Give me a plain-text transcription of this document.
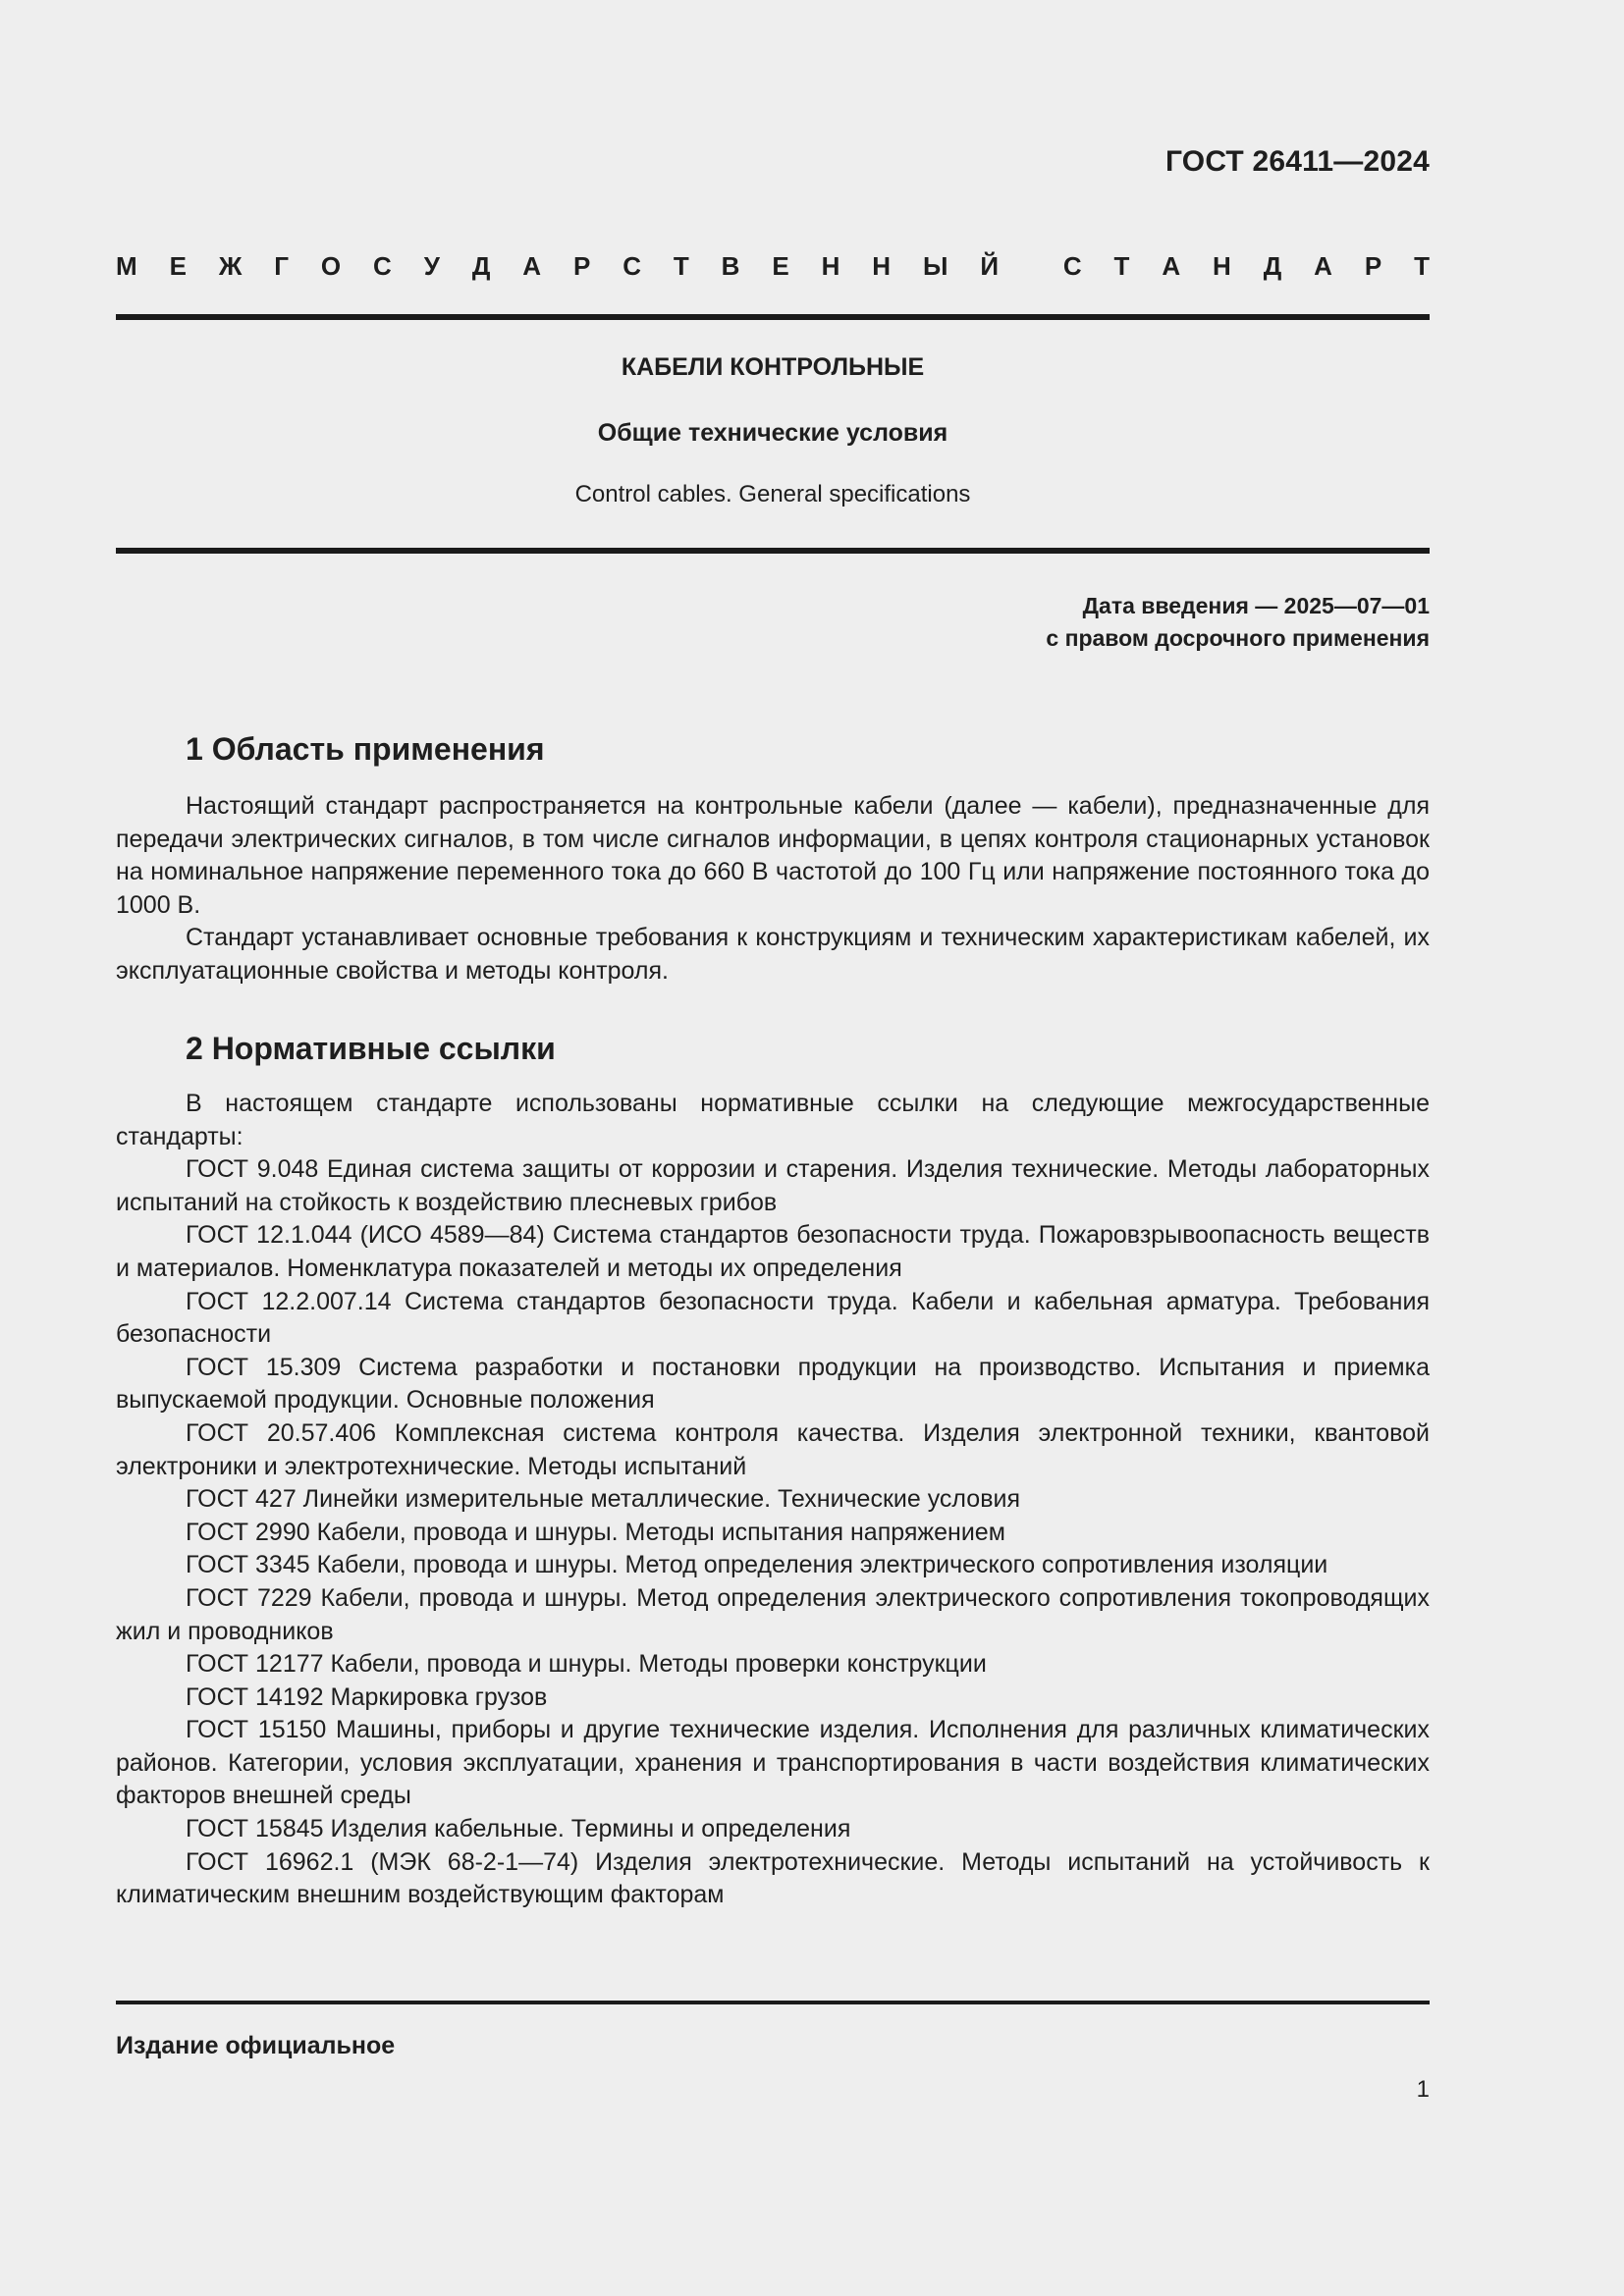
ГОСТ 26411—2024
М Е Ж Г О С У Д А Р С Т В Е Н Н Ы Й	С Т А Н Д А Р Т
КАБЕЛИ КОНТРОЛЬНЫЕ
Общие технические условия
Control cables. General specifications
Дата введения — 2025—07—01
с правом досрочного применения
1 Область применения

Настоящий стандарт распространяется на контрольные кабели (далее — кабели), предназначенные для передачи электрических сигналов, в том числе сигналов информации, в цепях контроля стационарных установок на номинальное напряжение переменного тока до 660 В частотой до 100 Гц или напряжение постоянного тока до 1000 В.

Стандарт устанавливает основные требования к конструкциям и техническим характеристикам кабелей, их эксплуатационные свойства и методы контроля.

2 Нормативные ссылки

В настоящем стандарте использованы нормативные ссылки на следующие межгосударственные стандарты:

ГОСТ 9.048 Единая система защиты от коррозии и старения. Изделия технические. Методы лабораторных испытаний на стойкость к воздействию плесневых грибов

ГОСТ 12.1.044 (ИСО 4589—84) Система стандартов безопасности труда. Пожаровзрывоопасность веществ и материалов. Номенклатура показателей и методы их определения

ГОСТ 12.2.007.14 Система стандартов безопасности труда. Кабели и кабельная арматура. Требования безопасности

ГОСТ 15.309 Система разработки и постановки продукции на производство. Испытания и приемка выпускаемой продукции. Основные положения

ГОСТ 20.57.406 Комплексная система контроля качества. Изделия электронной техники, квантовой электроники и электротехнические. Методы испытаний

ГОСТ 427 Линейки измерительные металлические. Технические условия

ГОСТ 2990 Кабели, провода и шнуры. Методы испытания напряжением

ГОСТ 3345 Кабели, провода и шнуры. Метод определения электрического сопротивления изоляции

ГОСТ 7229 Кабели, провода и шнуры. Метод определения электрического сопротивления токопроводящих жил и проводников

ГОСТ 12177 Кабели, провода и шнуры. Методы проверки конструкции

ГОСТ 14192 Маркировка грузов

ГОСТ 15150 Машины, приборы и другие технические изделия. Исполнения для различных климатических районов. Категории, условия эксплуатации, хранения и транспортирования в части воздействия климатических факторов внешней среды

ГОСТ 15845 Изделия кабельные. Термины и определения

ГОСТ 16962.1 (МЭК 68-2-1—74) Изделия электротехнические. Методы испытаний на устойчивость к климатическим внешним воздействующим факторам

Издание официальное
1
